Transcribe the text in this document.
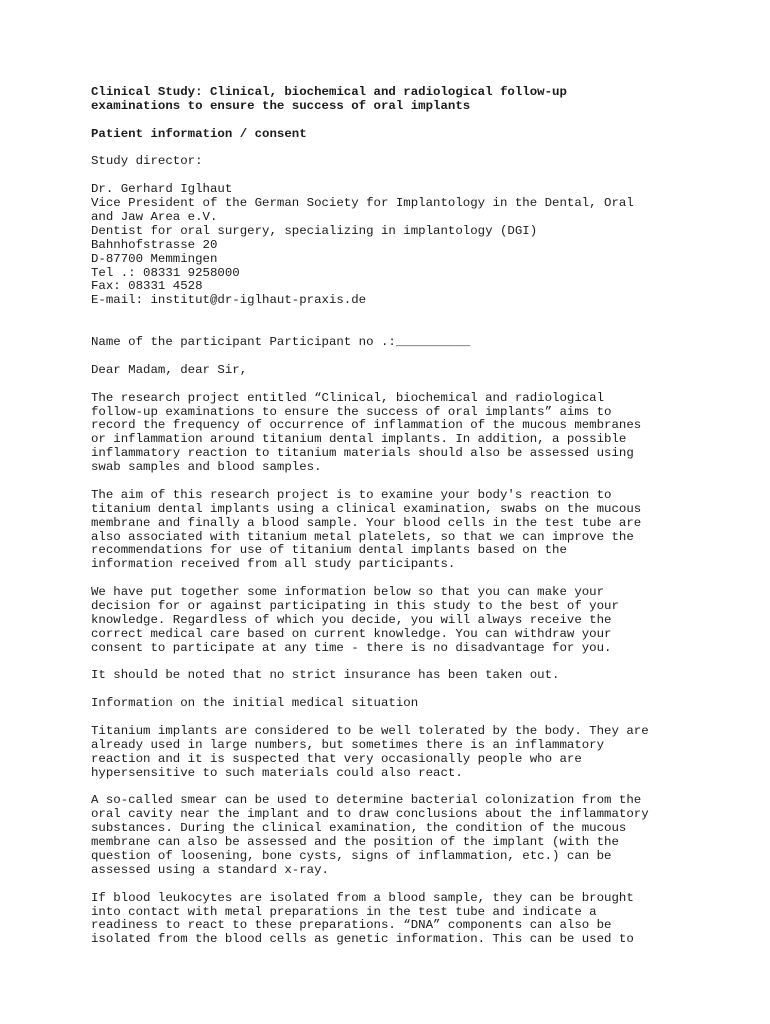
Clinical Study: Clinical, biochemical and radiological follow-up
examinations to ensure the success of oral implants
Patient information / consent
Study director:
Dr. Gerhard Iglhaut
Vice President of the German Society for Implantology in the Dental, Oral
and Jaw Area e.V.
Dentist for oral surgery, specializing in implantology (DGI)
Bahnhofstrasse 20
D-87700 Memmingen
Tel .: 08331 9258000
Fax: 08331 4528
E-mail: institut@dr-iglhaut-praxis.de
Name of the participant Participant no .:__________
Dear Madam, dear Sir,
The research project entitled “Clinical, biochemical and radiological
follow-up examinations to ensure the success of oral implants” aims to
record the frequency of occurrence of inflammation of the mucous membranes
or inflammation around titanium dental implants. In addition, a possible
inflammatory reaction to titanium materials should also be assessed using
swab samples and blood samples.
The aim of this research project is to examine your body's reaction to
titanium dental implants using a clinical examination, swabs on the mucous
membrane and finally a blood sample. Your blood cells in the test tube are
also associated with titanium metal platelets, so that we can improve the
recommendations for use of titanium dental implants based on the
information received from all study participants.
We have put together some information below so that you can make your
decision for or against participating in this study to the best of your
knowledge. Regardless of which you decide, you will always receive the
correct medical care based on current knowledge. You can withdraw your
consent to participate at any time - there is no disadvantage for you.
It should be noted that no strict insurance has been taken out.
Information on the initial medical situation
Titanium implants are considered to be well tolerated by the body. They are
already used in large numbers, but sometimes there is an inflammatory
reaction and it is suspected that very occasionally people who are
hypersensitive to such materials could also react.
A so-called smear can be used to determine bacterial colonization from the
oral cavity near the implant and to draw conclusions about the inflammatory
substances. During the clinical examination, the condition of the mucous
membrane can also be assessed and the position of the implant (with the
question of loosening, bone cysts, signs of inflammation, etc.) can be
assessed using a standard x-ray.
If blood leukocytes are isolated from a blood sample, they can be brought
into contact with metal preparations in the test tube and indicate a
readiness to react to these preparations. “DNA” components can also be
isolated from the blood cells as genetic information. This can be used to
